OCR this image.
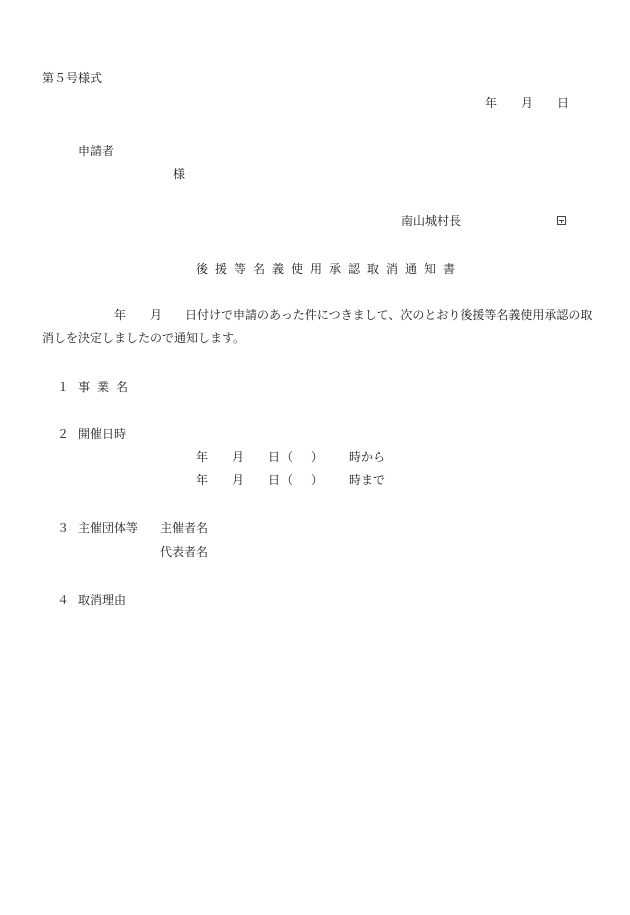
第５号様式
年 月 日
申請者
様
南山城村長
後援等名義使用承認取消通知書
年 月 日付けで申請のあった件につきまして、次のとおり後援等名義使用承認の取
消しを決定しましたので通知します。
１ 事業名
２ 開催日時
年 月 日 （ ） 時から
年 月 日 （ ） 時まで
３ 主催団体等 主催者名
代表者名
４ 取消理由
